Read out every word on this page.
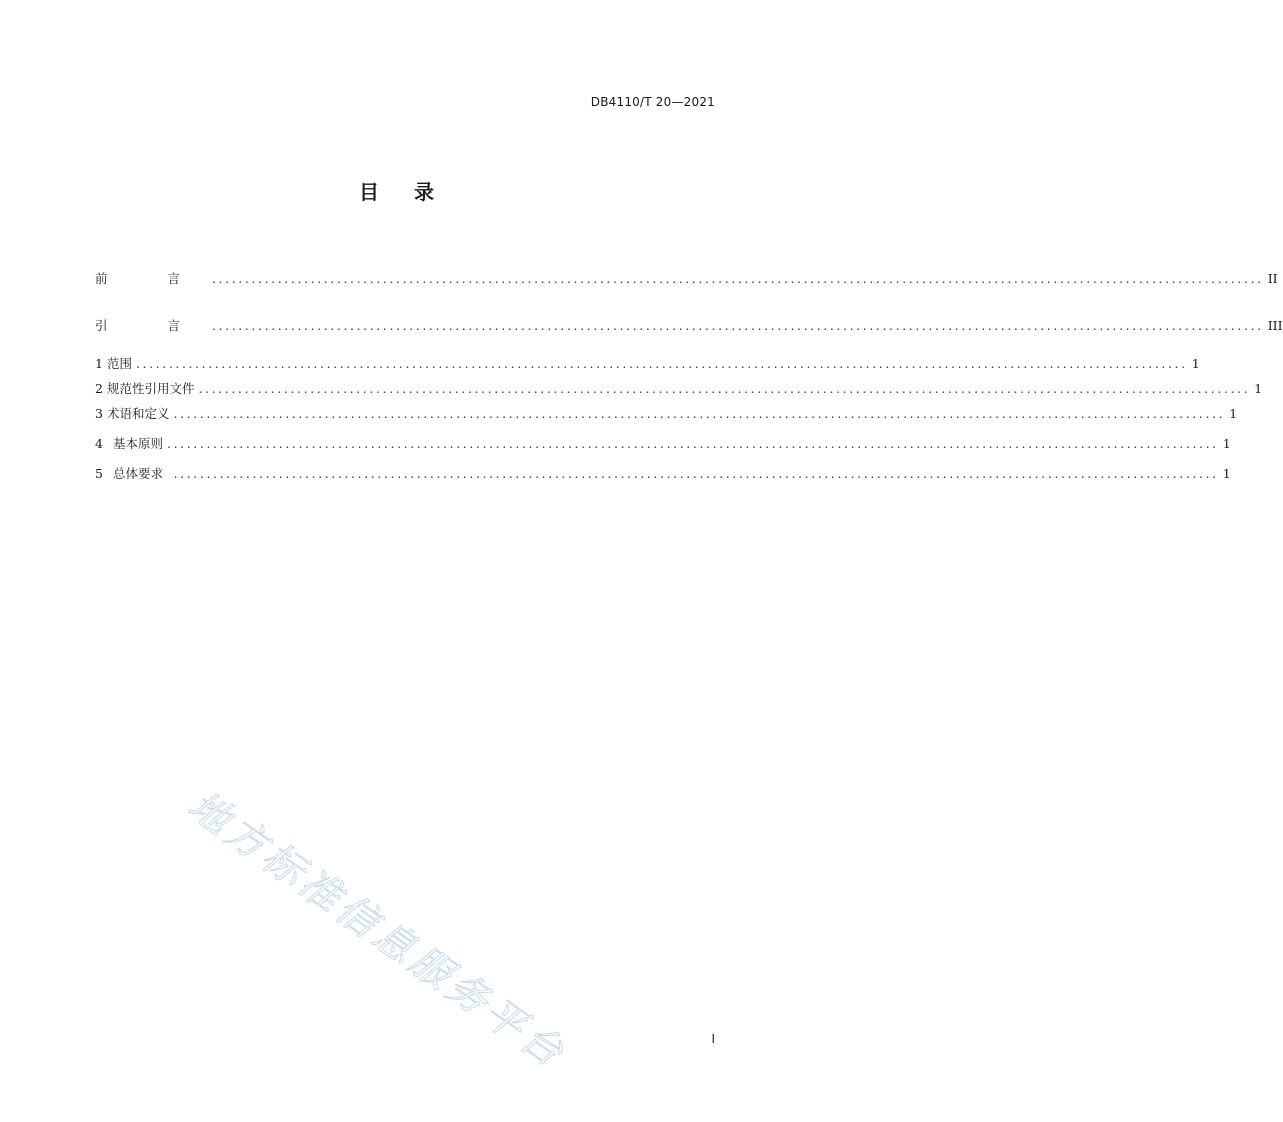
DB4110/T 20—2021
目 录
前 言 ................................................................................................................................................................ II
引 言 ................................................................................................................................................................ III
1 范围 ................................................................................................................................................................ 1
2 规范性引用文件 ................................................................................................................................................................ 1
3 术语和定义 ................................................................................................................................................................ 1
4 基本原则 ................................................................................................................................................................ 1
5 总体要求 ............................................................................................................................................................... 1
地方标准信息服务平台	I
